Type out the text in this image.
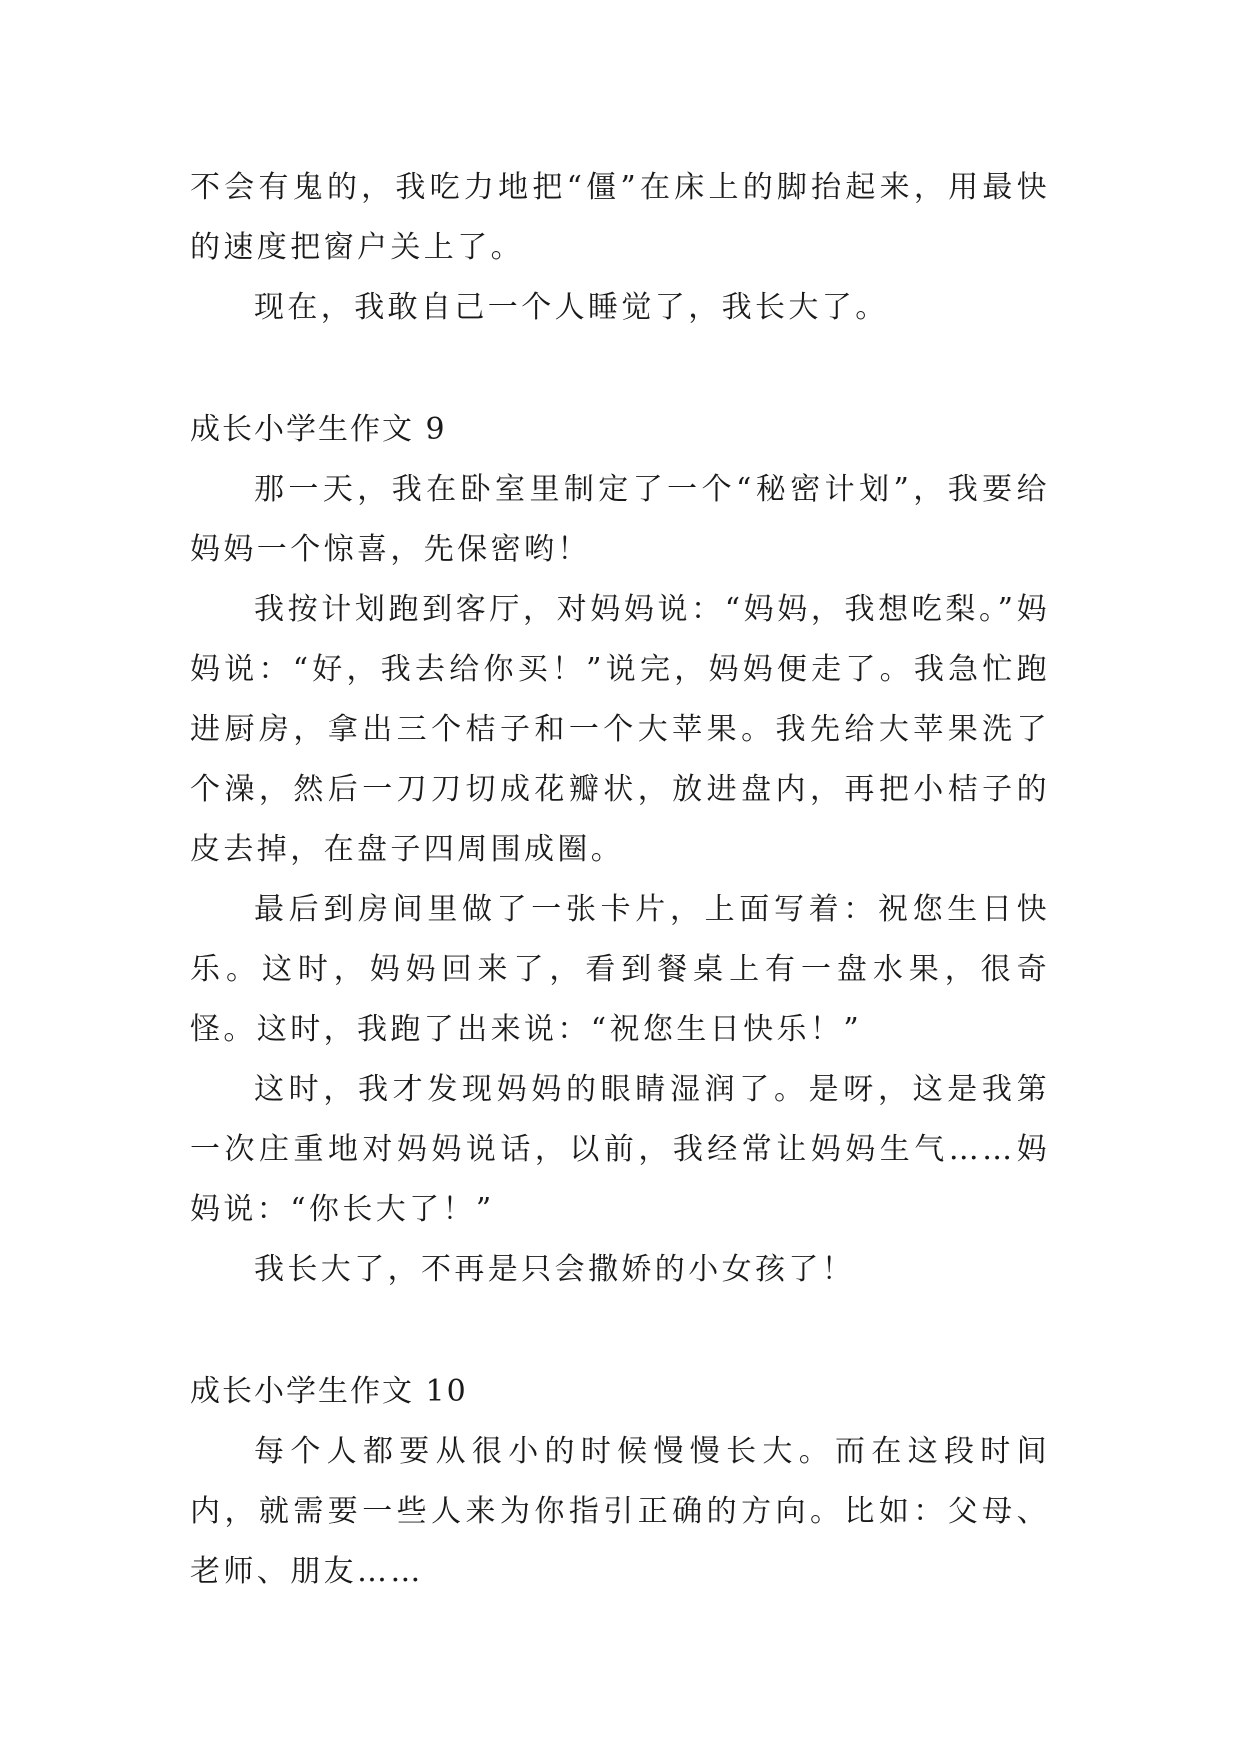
不会有鬼的，我吃力地把“僵”在床上的脚抬起来，用最快的速度把窗户关上了。

现在，我敢自己一个人睡觉了，我长大了。

成长小学生作文 9

那一天，我在卧室里制定了一个“秘密计划”，我要给妈妈一个惊喜，先保密哟！

我按计划跑到客厅，对妈妈说：“妈妈，我想吃梨。”妈妈说：“好，我去给你买！”说完，妈妈便走了。我急忙跑进厨房，拿出三个桔子和一个大苹果。我先给大苹果洗了个澡，然后一刀刀切成花瓣状，放进盘内，再把小桔子的皮去掉，在盘子四周围成圈。

最后到房间里做了一张卡片，上面写着：祝您生日快乐。这时，妈妈回来了，看到餐桌上有一盘水果，很奇怪。这时，我跑了出来说：“祝您生日快乐！”

这时，我才发现妈妈的眼睛湿润了。是呀，这是我第一次庄重地对妈妈说话，以前，我经常让妈妈生气……妈妈说：“你长大了！”

我长大了，不再是只会撒娇的小女孩了！

成长小学生作文 10

每个人都要从很小的时候慢慢长大。而在这段时间内，就需要一些人来为你指引正确的方向。比如：父母、老师、朋友……
